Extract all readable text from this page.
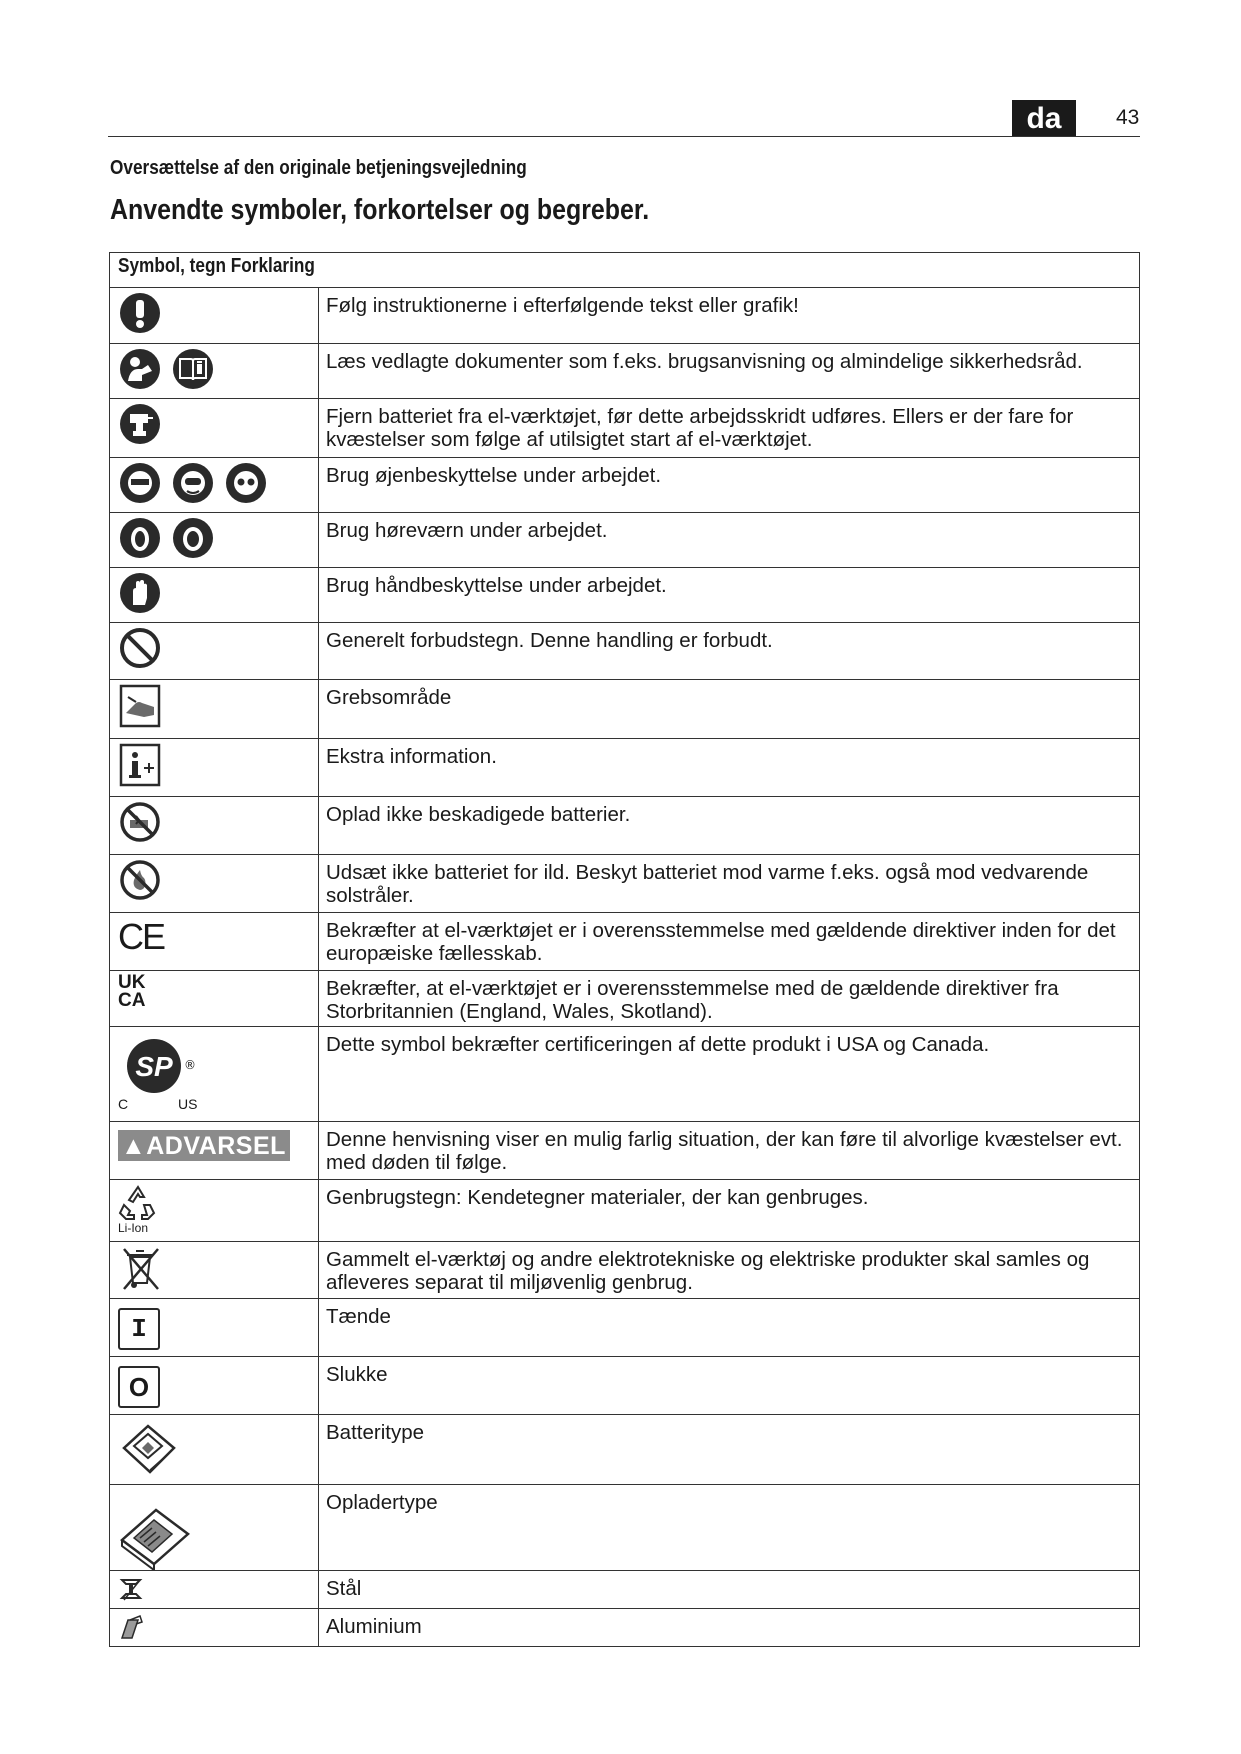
da	43
Oversættelse af den originale betjeningsvejledning
Anvendte symboler, forkortelser og begreber.
Symbol, tegn Forklaring	
	Følg instruktionerne i efterfølgende tekst eller grafik!
	Læs vedlagte dokumenter som f.eks. brugsanvisning og almindelige sikkerhedsråd.
	Fjern batteriet fra el-værktøjet, før dette arbejdsskridt udføres. Ellers er der fare for kvæstelser som følge af utilsigtet start af el-værktøjet.
	Brug øjenbeskyttelse under arbejdet.
	Brug høreværn under arbejdet.
	Brug håndbeskyttelse under arbejdet.
	Generelt forbudstegn. Denne handling er forbudt.
	Grebsområde
	Ekstra information.
	Oplad ikke beskadigede batterier.
	Udsæt ikke batteriet for ild. Beskyt batteriet mod varme f.eks. også mod vedvarende solstråler.
CE	Bekræfter at el-værktøjet er i overensstemmelse med gældende direktiver inden for det europæiske fællesskab.

UK
CA	Bekræfter, at el-værktøjet er i overensstemmelse med de gældende direktiver fra Storbritannien (England, Wales, Skotland).

SP ®
C US	Dette symbol bekræfter certificeringen af dette produkt i USA og Canada.
▲ADVARSEL	Denne henvisning viser en mulig farlig situation, der kan føre til alvorlige kvæstelser evt. med døden til følge.

Li-Ion	Genbrugstegn: Kendetegner materialer, der kan genbruges.
	Gammelt el-værktøj og andre elektrotekniske og elektriske produkter skal samles og afleveres separat til miljøvenlig genbrug.
I	Tænde
O	Slukke
	Batteritype
	Opladertype
	Stål
	Aluminium
